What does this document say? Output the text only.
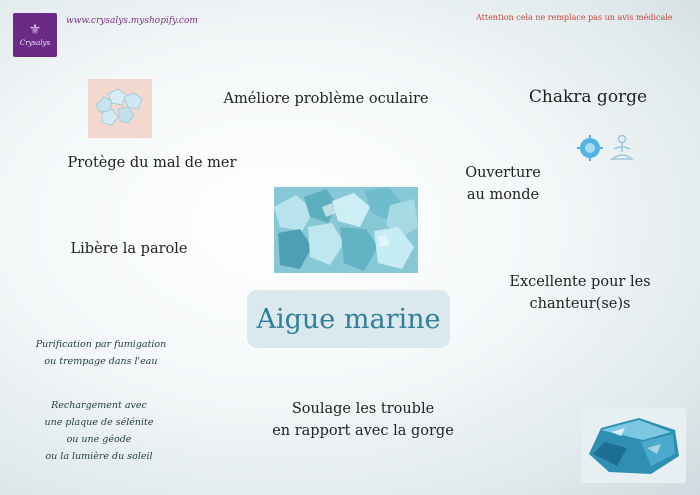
⚜
Crysalys
www.crysalys.myshopify.com	Attention cela ne remplace pas un avis médicale
Améliore problème oculaire	Chakra gorge
Protège du mal de mer
Ouverture
au monde
Libère la parole
Excellente pour les
chanteur(se)s
Aigue marine
Purification par fumigation
ou trempage dans l'eau
Rechargement avec
une plaque de sélénite
ou une géode
ou la lumière du soleil
Soulage les trouble
en rapport avec la gorge
